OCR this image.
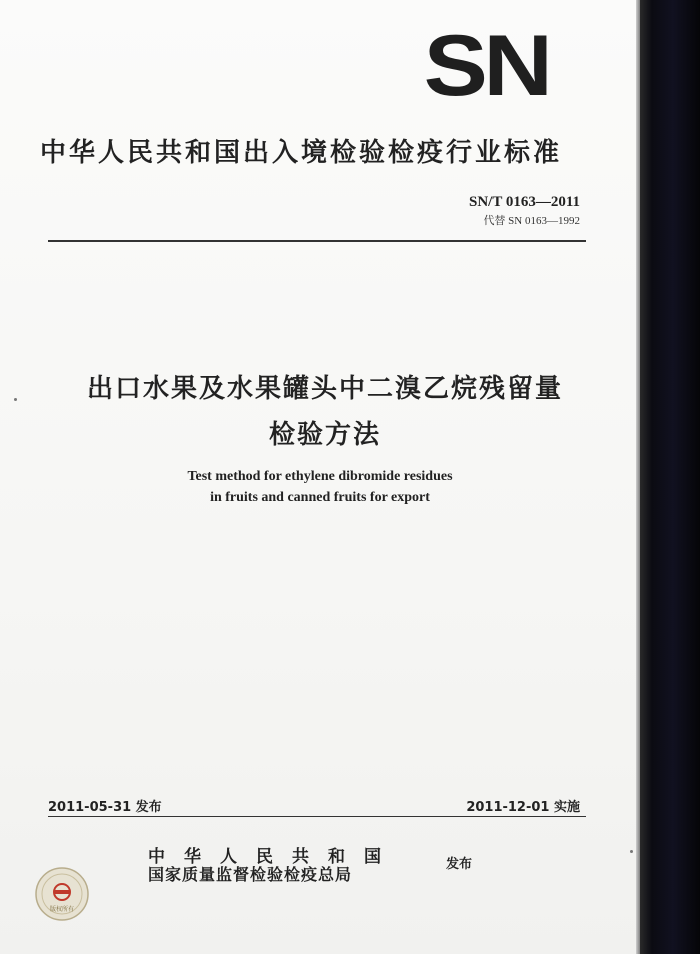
SN
中华人民共和国出入境检验检疫行业标准
SN/T 0163—2011
代替 SN 0163—1992
出口水果及水果罐头中二溴乙烷残留量
检验方法
Test method for ethylene dibromide residues
in fruits and canned fruits for export
2011-05-31 发布	2011-12-01 实施
中华人民共和国
国家质量监督检验检疫总局
发布
版权所有
